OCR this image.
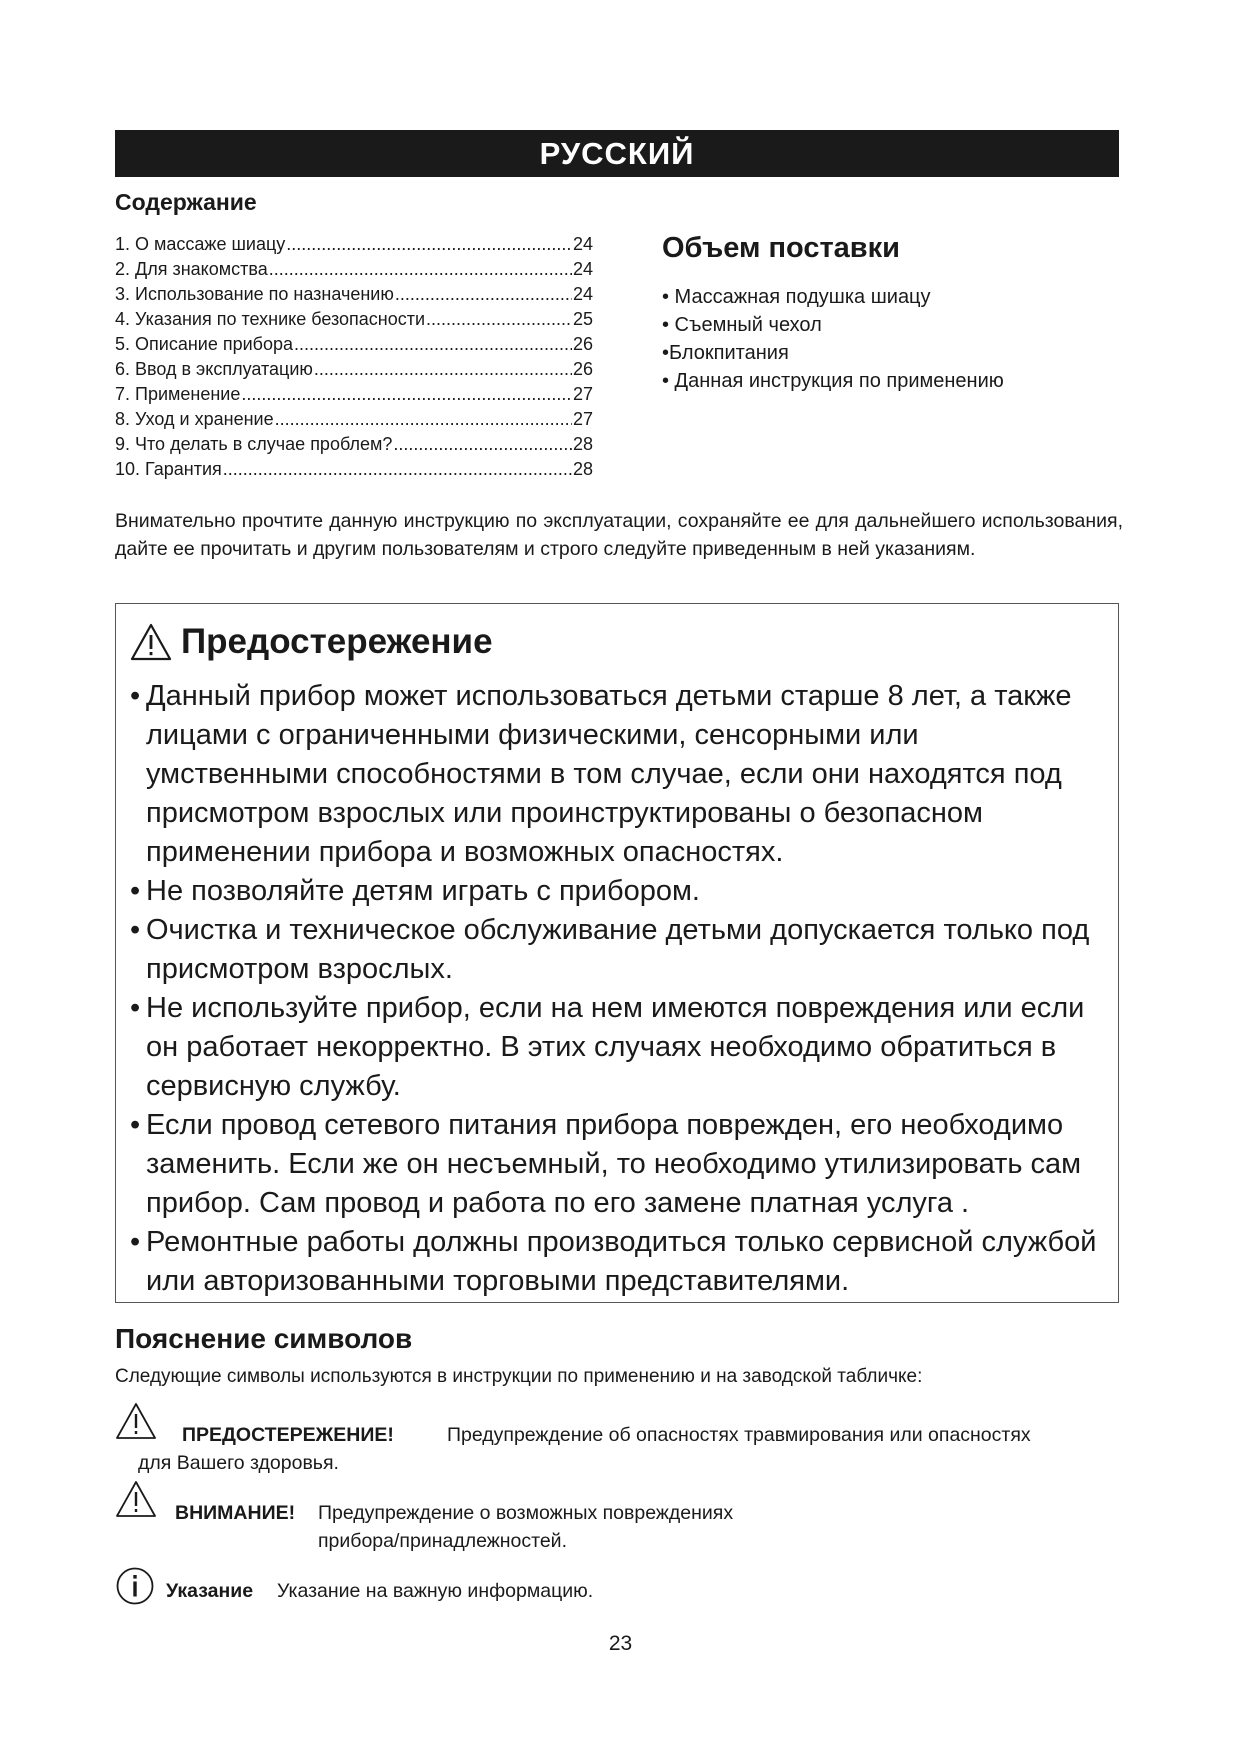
РУССКИЙ
Содержание
1. О массаже шиацу .....	24
2. Для знакомства .....	24
3. Использование по назначению .....	24
4. Указания по технике безопасности .....	25
5. Описание прибора .....	26
6. Ввод в эксплуатацию .....	26
7. Применение .....	27
8. Уход и хранение .....	27
9. Что делать в случае проблем? .....	28
10. Гарантия .....	28
Объем поставки
• Массажная подушка шиацу
• Съемный чехол
•Блокпитания
• Данная инструкция по применению

Внимательно прочтите данную инструкцию по эксплуатации, сохраняйте ее для дальнейшего использования, дайте ее прочитать и другим пользователям и строго следуйте приведенным в ней указаниям.

Предостережение
• Данный прибор может использоваться детьми старше 8 лет, а также лицами с ограниченными физическими, сенсорными или умственными способностями в том случае, если они находятся под присмотром взрослых или проинструктированы о безопасном применении прибора и возможных опасностях.
• Не позволяйте детям играть с прибором.
• Очистка и техническое обслуживание детьми допускается только под присмотром взрослых.
• Не используйте прибор, если на нем имеются повреждения или если он работает некорректно. В этих случаях необходимо обратиться в сервисную службу.
• Если провод сетевого питания прибора поврежден, его необходимо заменить. Если же он несъемный, то необходимо утилизировать сам прибор. Сам провод и работа по его замене платная услуга .
• Ремонтные работы должны производиться только сервисной службой или авторизованными торговыми представителями.
Пояснение символов
Следующие символы используются в инструкции по применению и на заводской табличке:
ПРЕДОСТЕРЕЖЕНИЕ!	Предупреждение об опасностях травмирования или опасностях
для Вашего здоровья.
ВНИМАНИЕ! Предупреждение о возможных повреждениях
прибора/принадлежностей.
Указание Указание на важную информацию.
23
